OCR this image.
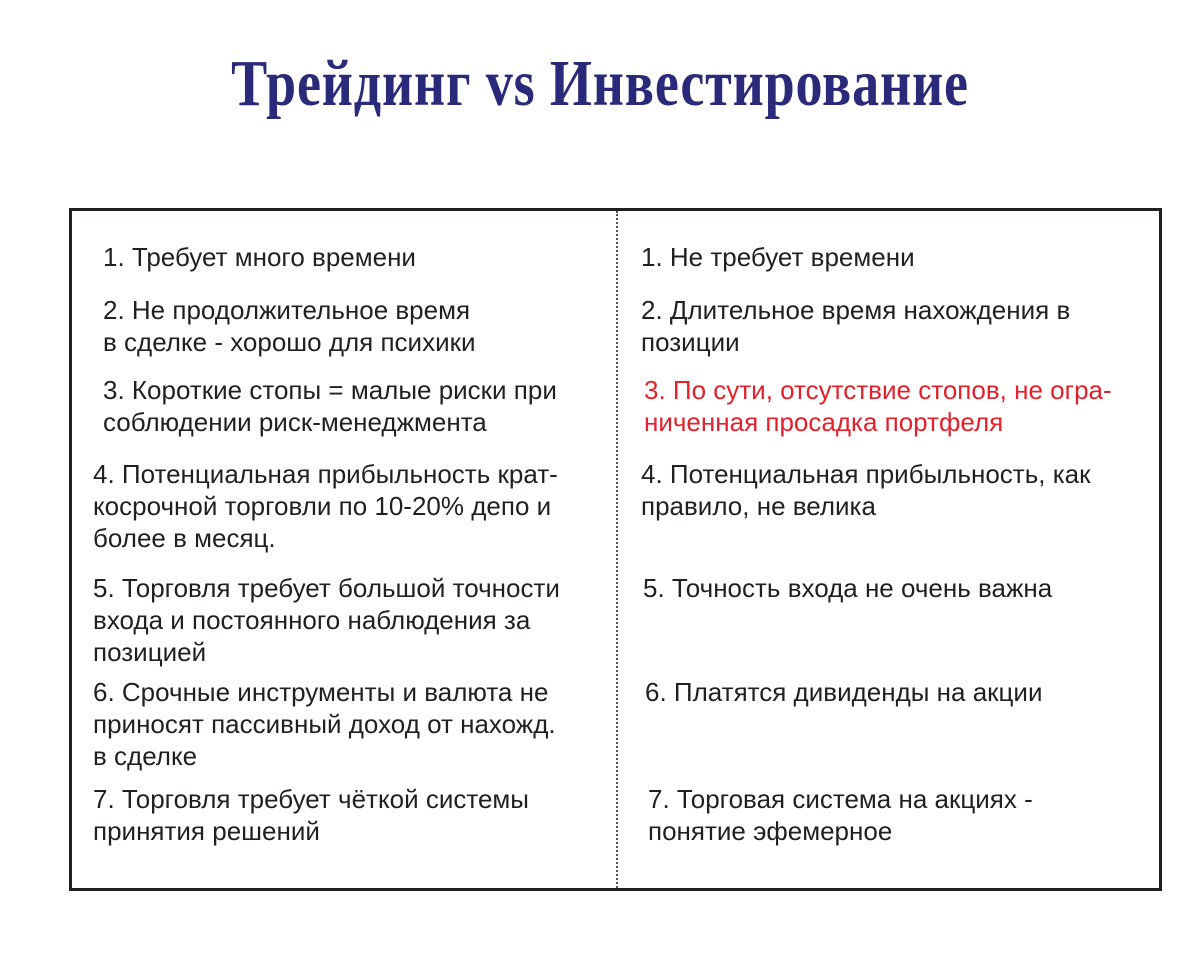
Трейдинг vs Инвестирование
1. Требует много времени
2. Не продолжительное время
в сделке - хорошо для психики
3. Короткие стопы = малые риски при
соблюдении риск-менеджмента
4. Потенциальная прибыльность крат-
косрочной торговли по 10-20% депо и
более в месяц.
5. Торговля требует большой точности
входа и постоянного наблюдения за
позицией
6. Срочные инструменты и валюта не
приносят пассивный доход от нахожд.
в сделке
7. Торговля требует чёткой системы
принятия решений
1. Не требует времени
2. Длительное время нахождения в
позиции
3. По сути, отсутствие стопов, не огра-
ниченная просадка портфеля
4. Потенциальная прибыльность, как
правило, не велика
5. Точность входа не очень важна
6. Платятся дивиденды на акции
7. Торговая система на акциях -
понятие эфемерное
